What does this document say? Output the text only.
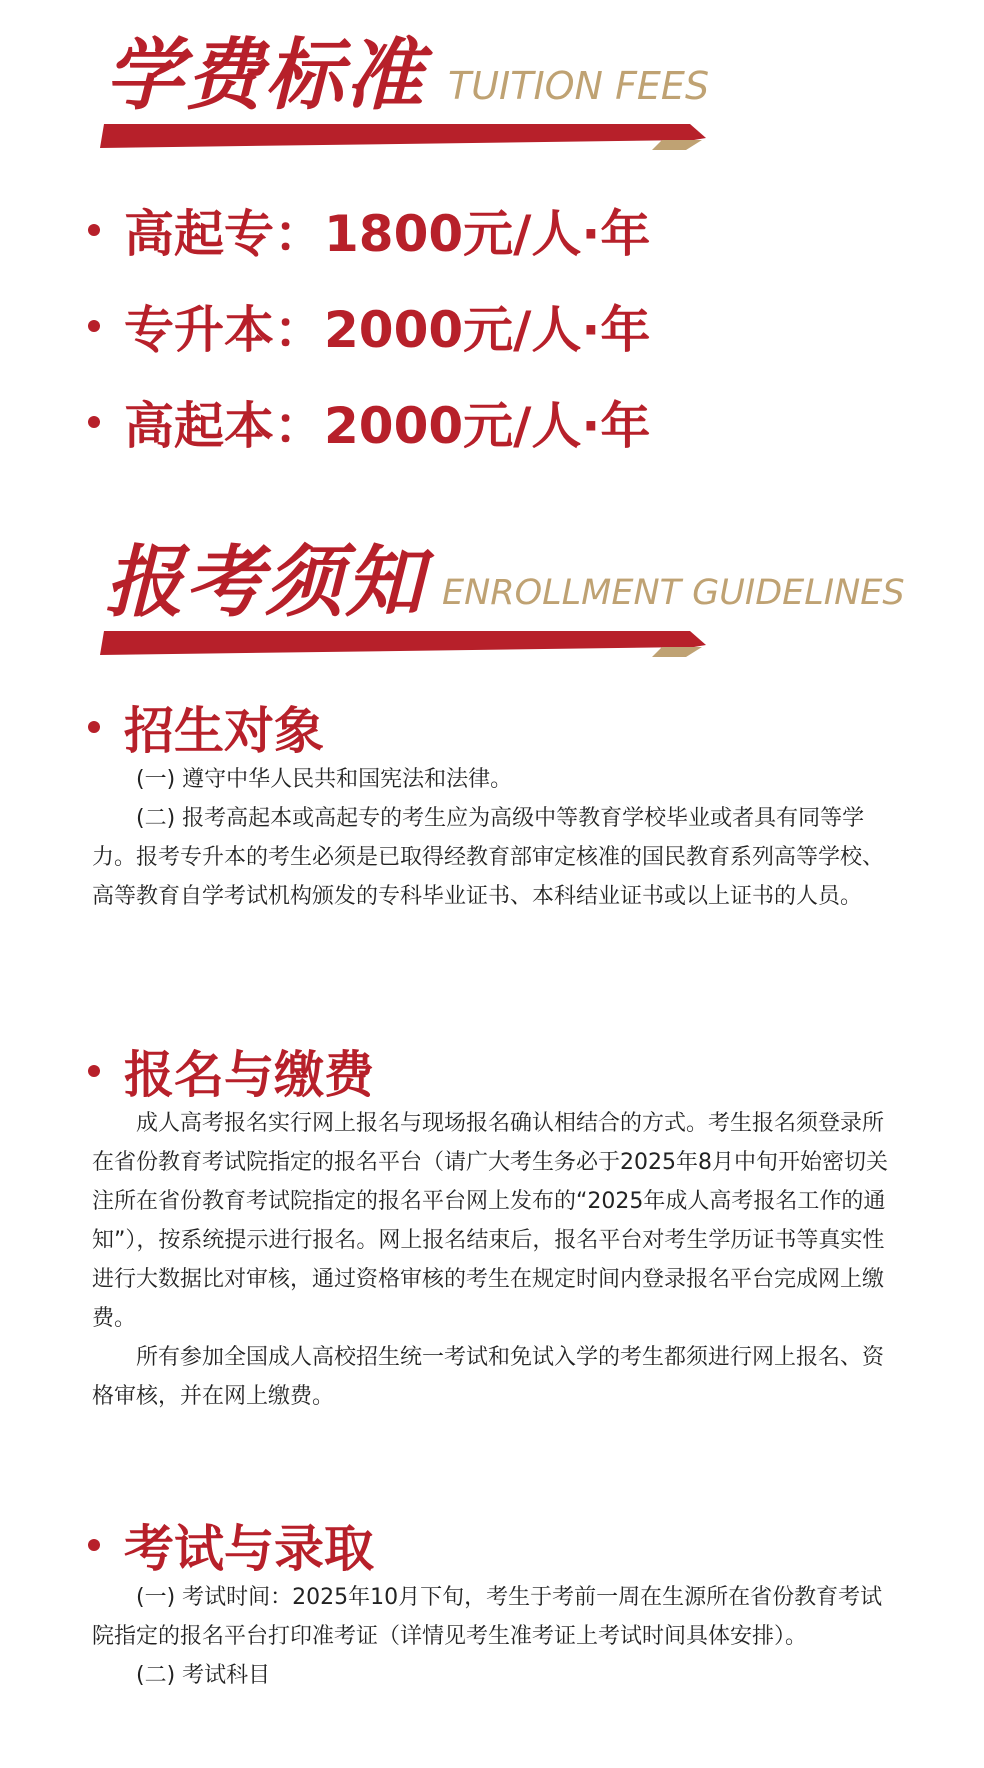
学费标准 TUITION FEES
高起专：1800元/人·年
专升本：2000元/人·年
高起本：2000元/人·年
报考须知 ENROLLMENT GUIDELINES
招生对象

(一) 遵守中华人民共和国宪法和法律。

(二) 报考高起本或高起专的考生应为高级中等教育学校毕业或者具有同等学力。报考专升本的考生必须是已取得经教育部审定核准的国民教育系列高等学校、高等教育自学考试机构颁发的专科毕业证书、本科结业证书或以上证书的人员。

报名与缴费

成人高考报名实行网上报名与现场报名确认相结合的方式。考生报名须登录所在省份教育考试院指定的报名平台（请广大考生务必于2025年8月中旬开始密切关注所在省份教育考试院指定的报名平台网上发布的“2025年成人高考报名工作的通知”），按系统提示进行报名。网上报名结束后，报名平台对考生学历证书等真实性进行大数据比对审核，通过资格审核的考生在规定时间内登录报名平台完成网上缴费。

所有参加全国成人高校招生统一考试和免试入学的考生都须进行网上报名、资格审核，并在网上缴费。

考试与录取

(一) 考试时间：2025年10月下旬，考生于考前一周在生源所在省份教育考试院指定的报名平台打印准考证（详情见考生准考证上考试时间具体安排）。

(二) 考试科目
